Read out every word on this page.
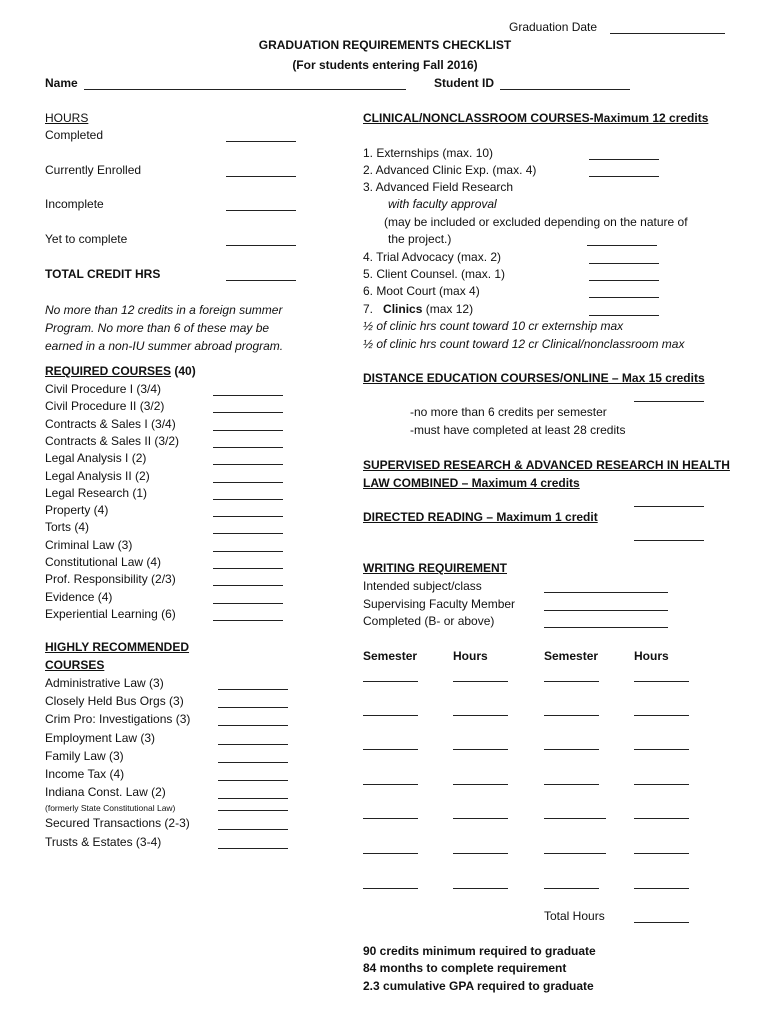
Graduation Date
GRADUATION REQUIREMENTS CHECKLIST
(For students entering Fall 2016)
Name	Student ID
HOURS
Completed
Currently Enrolled
Incomplete
Yet to complete
TOTAL CREDIT HRS
No more than 12 credits in a foreign summer Program. No more than 6 of these may be earned in a non-IU summer abroad program.
REQUIRED COURSES (40)
Civil Procedure I (3/4)
Civil Procedure II (3/2)
Contracts & Sales I (3/4)
Contracts & Sales II (3/2)
Legal Analysis I (2)
Legal Analysis II (2)
Legal Research (1)
Property (4)
Torts (4)
Criminal Law (3)
Constitutional Law (4)
Prof. Responsibility (2/3)
Evidence (4)
Experiential Learning (6)
HIGHLY RECOMMENDED
COURSES
Administrative Law (3)
Closely Held Bus Orgs (3)
Crim Pro: Investigations (3)
Employment Law (3)
Family Law (3)
Income Tax (4)
Indiana Const. Law (2)
(formerly State Constitutional Law)
Secured Transactions (2-3)
Trusts & Estates (3-4)
CLINICAL/NONCLASSROOM COURSES-Maximum 12 credits
1. Externships (max. 10)
2. Advanced Clinic Exp. (max. 4)
3. Advanced Field Research
with faculty approval
(may be included or excluded depending on the nature of
the project.)
4. Trial Advocacy (max. 2)
5. Client Counsel. (max. 1)
6. Moot Court (max 4)
7. Clinics (max 12)
½ of clinic hrs count toward 10 cr externship max
½ of clinic hrs count toward 12 cr Clinical/nonclassroom max
DISTANCE EDUCATION COURSES/ONLINE – Max 15 credits
-no more than 6 credits per semester
-must have completed at least 28 credits
SUPERVISED RESEARCH & ADVANCED RESEARCH IN HEALTH
LAW COMBINED – Maximum 4 credits
DIRECTED READING – Maximum 1 credit
WRITING REQUIREMENT
Intended subject/class
Supervising Faculty Member
Completed (B- or above)
Semester	Hours	Semester	Hours
Total Hours
90 credits minimum required to graduate
84 months to complete requirement
2.3 cumulative GPA required to graduate
